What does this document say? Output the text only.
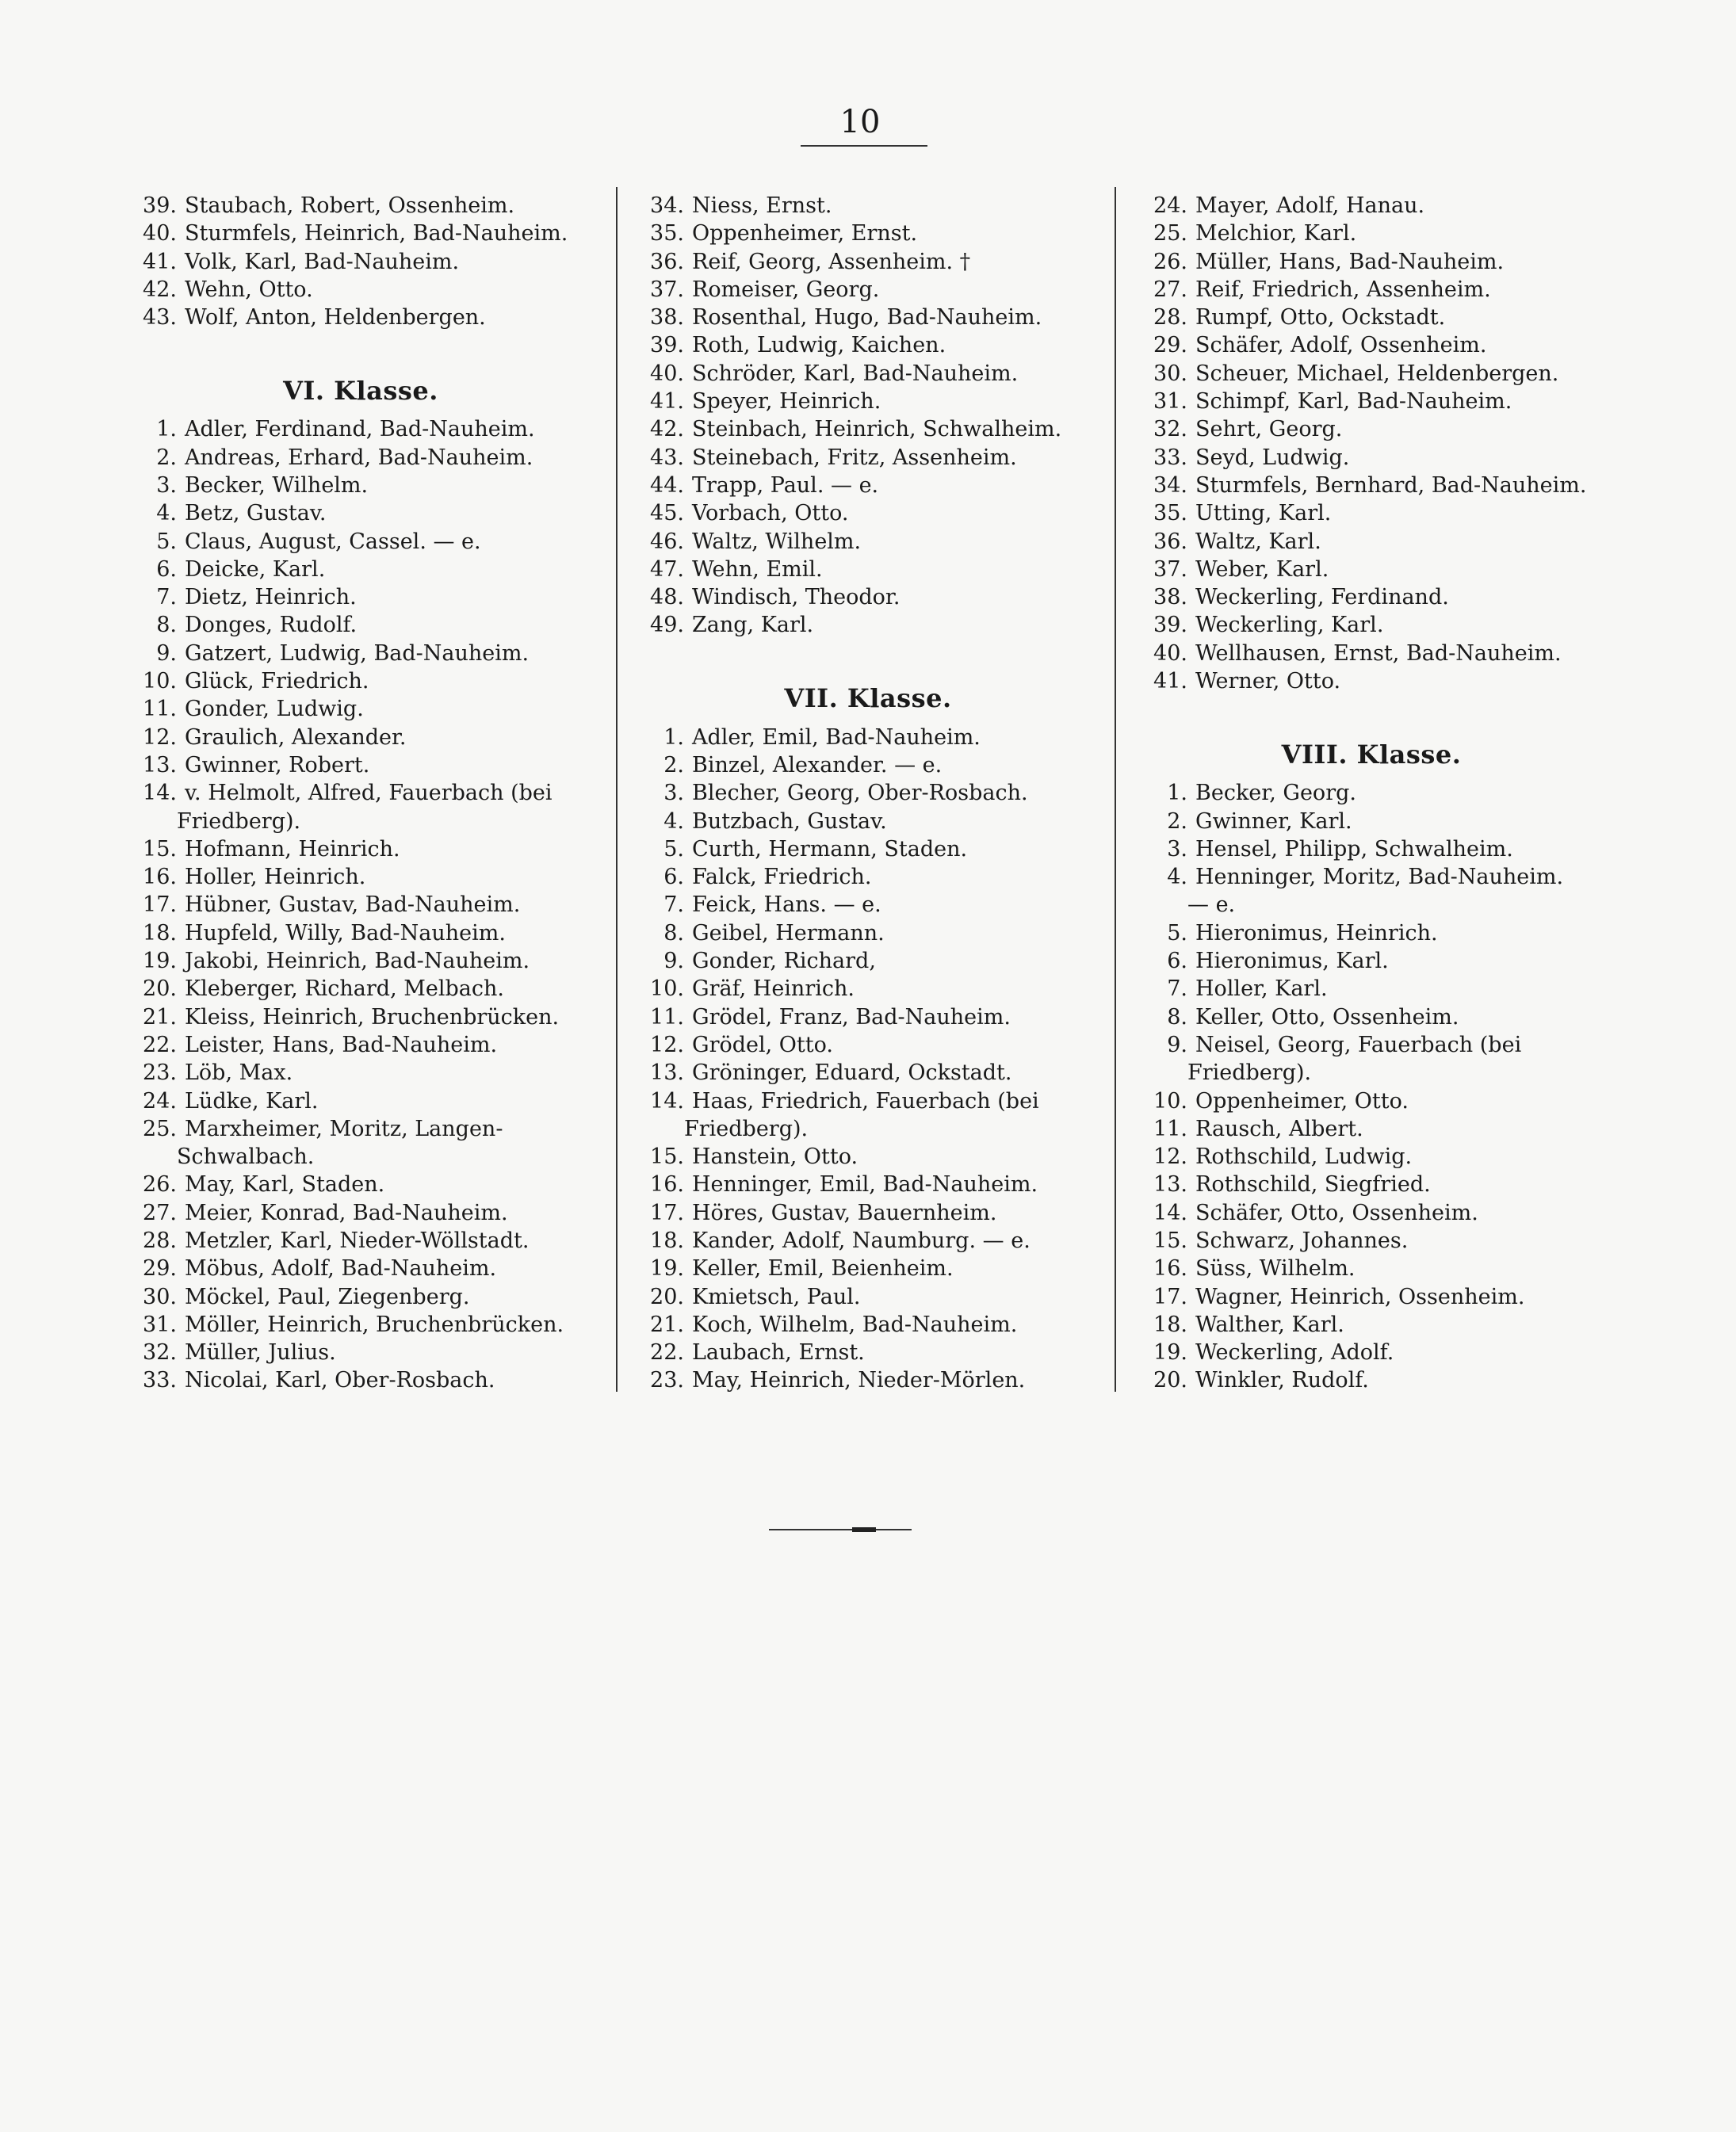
10
39. Staubach, Robert, Ossenheim.
40. Sturmfels, Heinrich, Bad-Nauheim.
41. Volk, Karl, Bad-Nauheim.
42. Wehn, Otto.
43. Wolf, Anton, Heldenbergen.
VI. Klasse.
1. Adler, Ferdinand, Bad-Nauheim.
2. Andreas, Erhard, Bad-Nauheim.
3. Becker, Wilhelm.
4. Betz, Gustav.
5. Claus, August, Cassel. — e.
6. Deicke, Karl.
7. Dietz, Heinrich.
8. Donges, Rudolf.
9. Gatzert, Ludwig, Bad-Nauheim.
10. Glück, Friedrich.
11. Gonder, Ludwig.
12. Graulich, Alexander.
13. Gwinner, Robert.
14. v. Helmolt, Alfred, Fauerbach (bei
Friedberg).
15. Hofmann, Heinrich.
16. Holler, Heinrich.
17. Hübner, Gustav, Bad-Nauheim.
18. Hupfeld, Willy, Bad-Nauheim.
19. Jakobi, Heinrich, Bad-Nauheim.
20. Kleberger, Richard, Melbach.
21. Kleiss, Heinrich, Bruchenbrücken.
22. Leister, Hans, Bad-Nauheim.
23. Löb, Max.
24. Lüdke, Karl.
25. Marxheimer, Moritz, Langen-
Schwalbach.
26. May, Karl, Staden.
27. Meier, Konrad, Bad-Nauheim.
28. Metzler, Karl, Nieder-Wöllstadt.
29. Möbus, Adolf, Bad-Nauheim.
30. Möckel, Paul, Ziegenberg.
31. Möller, Heinrich, Bruchenbrücken.
32. Müller, Julius.
33. Nicolai, Karl, Ober-Rosbach.
34. Niess, Ernst.
35. Oppenheimer, Ernst.
36. Reif, Georg, Assenheim. †
37. Romeiser, Georg.
38. Rosenthal, Hugo, Bad-Nauheim.
39. Roth, Ludwig, Kaichen.
40. Schröder, Karl, Bad-Nauheim.
41. Speyer, Heinrich.
42. Steinbach, Heinrich, Schwalheim.
43. Steinebach, Fritz, Assenheim.
44. Trapp, Paul. — e.
45. Vorbach, Otto.
46. Waltz, Wilhelm.
47. Wehn, Emil.
48. Windisch, Theodor.
49. Zang, Karl.
VII. Klasse.
1. Adler, Emil, Bad-Nauheim.
2. Binzel, Alexander. — e.
3. Blecher, Georg, Ober-Rosbach.
4. Butzbach, Gustav.
5. Curth, Hermann, Staden.
6. Falck, Friedrich.
7. Feick, Hans. — e.
8. Geibel, Hermann.
9. Gonder, Richard,
10. Gräf, Heinrich.
11. Grödel, Franz, Bad-Nauheim.
12. Grödel, Otto.
13. Gröninger, Eduard, Ockstadt.
14. Haas, Friedrich, Fauerbach (bei
Friedberg).
15. Hanstein, Otto.
16. Henninger, Emil, Bad-Nauheim.
17. Höres, Gustav, Bauernheim.
18. Kander, Adolf, Naumburg. — e.
19. Keller, Emil, Beienheim.
20. Kmietsch, Paul.
21. Koch, Wilhelm, Bad-Nauheim.
22. Laubach, Ernst.
23. May, Heinrich, Nieder-Mörlen.
24. Mayer, Adolf, Hanau.
25. Melchior, Karl.
26. Müller, Hans, Bad-Nauheim.
27. Reif, Friedrich, Assenheim.
28. Rumpf, Otto, Ockstadt.
29. Schäfer, Adolf, Ossenheim.
30. Scheuer, Michael, Heldenbergen.
31. Schimpf, Karl, Bad-Nauheim.
32. Sehrt, Georg.
33. Seyd, Ludwig.
34. Sturmfels, Bernhard, Bad-Nauheim.
35. Utting, Karl.
36. Waltz, Karl.
37. Weber, Karl.
38. Weckerling, Ferdinand.
39. Weckerling, Karl.
40. Wellhausen, Ernst, Bad-Nauheim.
41. Werner, Otto.
VIII. Klasse.
1. Becker, Georg.
2. Gwinner, Karl.
3. Hensel, Philipp, Schwalheim.
4. Henninger, Moritz, Bad-Nauheim.
— e.
5. Hieronimus, Heinrich.
6. Hieronimus, Karl.
7. Holler, Karl.
8. Keller, Otto, Ossenheim.
9. Neisel, Georg, Fauerbach (bei
Friedberg).
10. Oppenheimer, Otto.
11. Rausch, Albert.
12. Rothschild, Ludwig.
13. Rothschild, Siegfried.
14. Schäfer, Otto, Ossenheim.
15. Schwarz, Johannes.
16. Süss, Wilhelm.
17. Wagner, Heinrich, Ossenheim.
18. Walther, Karl.
19. Weckerling, Adolf.
20. Winkler, Rudolf.
